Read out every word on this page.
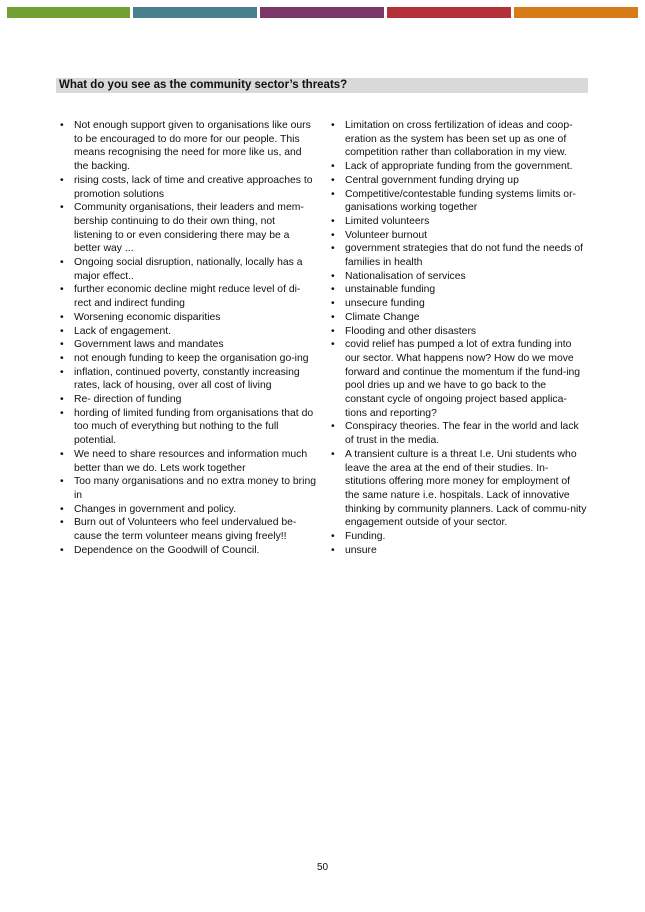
What do you see as the community sector’s threats?
• Not enough support given to organisations like ours to be encouraged to do more for our people. This means recognising the need for more like us, and the backing.
• rising costs, lack of time and creative approaches to promotion solutions
• Community organisations, their leaders and mem-bership continuing to do their own thing, not listening to or even considering there may be a better way ...
• Ongoing social disruption, nationally, locally has a major effect..
• further economic decline might reduce level of di-rect and indirect funding
• Worsening economic disparities
• Lack of engagement.
• Government laws and mandates
• not enough funding to keep the organisation go-ing
• inflation, continued poverty, constantly increasing rates, lack of housing, over all cost of living
• Re- direction of funding
• hording of limited funding from organisations that do too much of everything but nothing to the full potential.
• We need to share resources and information much better than we do. Lets work together
• Too many organisations and no extra money to bring in
• Changes in government and policy.
• Burn out of Volunteers who feel undervalued be-cause the term volunteer means giving freely!!
• Dependence on the Goodwill of Council.
• Limitation on cross fertilization of ideas and coop-eration as the system has been set up as one of competition rather than collaboration in my view.
• Lack of appropriate funding from the government.
• Central government funding drying up
• Competitive/contestable funding systems limits or-ganisations working together
• Limited volunteers
• Volunteer burnout
• government strategies that do not fund the needs of families in health
• Nationalisation of services
• unstainable funding
• unsecure funding
• Climate Change
• Flooding and other disasters
• covid relief has pumped a lot of extra funding into our sector. What happens now? How do we move forward and continue the momentum if the fund-ing pool dries up and we have to go back to the constant cycle of ongoing project based applica-tions and reporting?
• Conspiracy theories. The fear in the world and lack of trust in the media.
• A transient culture is a threat I.e. Uni students who leave the area at the end of their studies. In-stitutions offering more money for employment of the same nature i.e. hospitals. Lack of innovative thinking by community planners. Lack of commu-nity engagement outside of your sector.
• Funding.
• unsure
50
